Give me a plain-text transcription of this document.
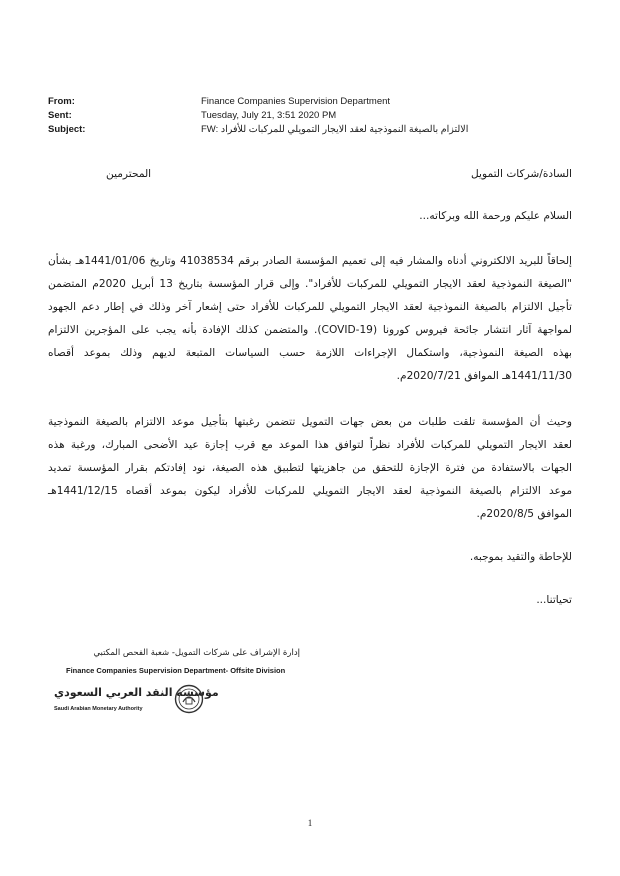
From:	Finance Companies Supervision Department
Sent:	Tuesday, July 21, 3:51 2020 PM
Subject:	FW: الالتزام بالصيغة النموذجية لعقد الايجار التمويلي للمركبات للأفراد
السادة/شركات التمويل
المحترمين
السلام عليكم ورحمة الله وبركاته...
إلحاقاً للبريد الالكتروني أدناه والمشار فيه إلى تعميم المؤسسة الصادر برقم 41038534 وتاريخ 1441/01/06هـ بشأن
"الصيغة النموذجية لعقد الايجار التمويلي للمركبات للأفراد". وإلى قرار المؤسسة بتاريخ 13 أبريل 2020م المتضمن
تأجيل الالتزام بالصيغة النموذجية لعقد الايجار التمويلي للمركبات للأفراد حتى إشعار آخر وذلك في إطار دعم الجهود
لمواجهة آثار انتشار جائحة فيروس كورونا (COVID-19). والمتضمن كذلك الإفادة بأنه يجب على المؤجرين الالتزام
بهذه الصيغة النموذجية، واستكمال الإجراءات اللازمة حسب السياسات المتبعة لديهم وذلك بموعد أقصاه
1441/11/30هـ الموافق 2020/7/21م.
وحيث أن المؤسسة تلقت طلبات من بعض جهات التمويل تتضمن رغبتها بتأجيل موعد الالتزام بالصيغة النموذجية
لعقد الايجار التمويلي للمركبات للأفراد نظراً لتوافق هذا الموعد مع قرب إجازة عيد الأضحى المبارك، ورغبة هذه
الجهات بالاستفادة من فترة الإجازة للتحقق من جاهزيتها لتطبيق هذه الصيغة، نود إفادتكم بقرار المؤسسة تمديد
موعد الالتزام بالصيغة النموذجية لعقد الايجار التمويلي للمركبات للأفراد ليكون بموعد أقصاه 1441/12/15هـ
الموافق 2020/8/5م.
للإحاطة والتقيد بموجبه.
تحياتنا...
إدارة الإشراف على شركات التمويل- شعبة الفحص المكتبي
Finance Companies Supervision Department- Offsite Division
مؤسسة النقد العربي السعودي
Saudi Arabian Monetary Authority
1
